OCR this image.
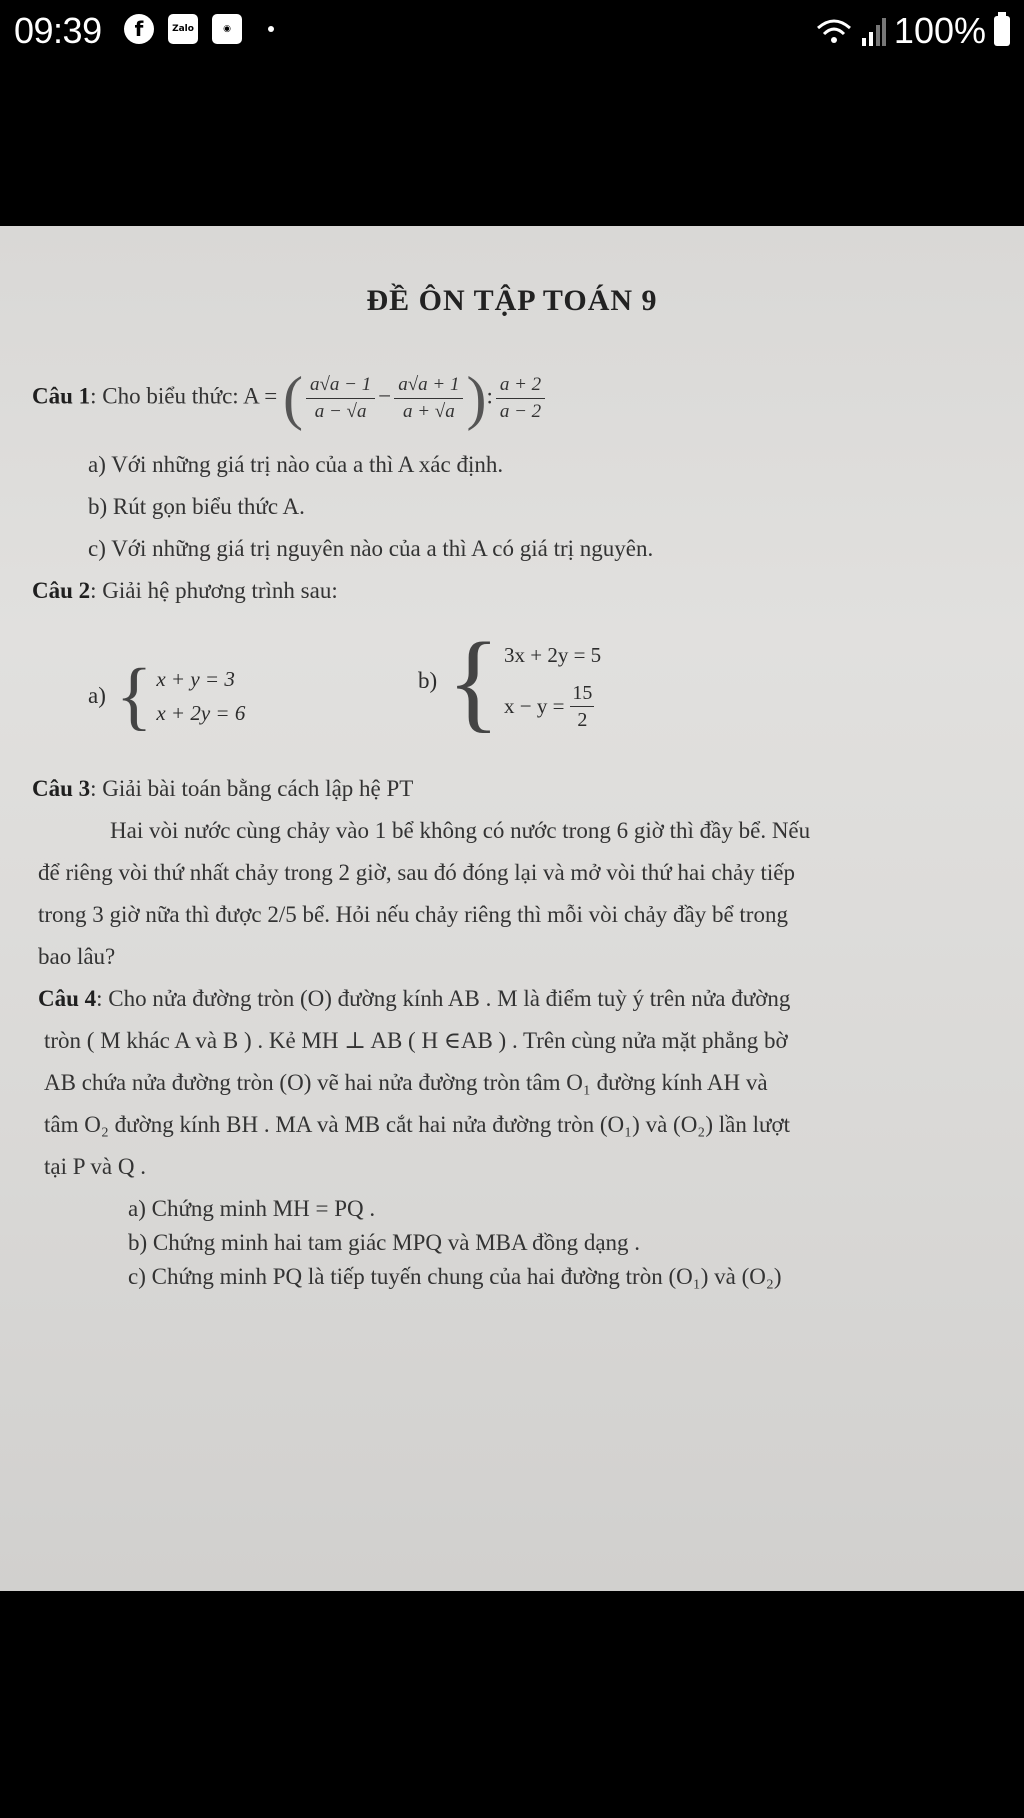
09:39	f	Zalo	◉	100%
ĐỀ ÔN TẬP TOÁN 9
Câu 1: Cho biểu thức: A = ( $\frac{a√a - 1}{a - √a} - \frac{a√a + 1}{a + √a}$ ): $\frac{a + 2}{a - 2}$
a) Với những giá trị nào của a thì A xác định.
b) Rút gọn biểu thức A.
c) Với những giá trị nguyên nào của a thì A có giá trị nguyên.
Câu 2: Giải hệ phương trình sau:
a) { x + y = 3
x + 2y = 6
b) { 3x + 2y = 5
$x - y = \frac{15}{2}$
Câu 3: Giải bài toán bằng cách lập hệ PT
Hai vòi nước cùng chảy vào 1 bể không có nước trong 6 giờ thì đầy bể. Nếu
để riêng vòi thứ nhất chảy trong 2 giờ, sau đó đóng lại và mở vòi thứ hai chảy tiếp
trong 3 giờ nữa thì được 2/5 bể. Hỏi nếu chảy riêng thì mỗi vòi chảy đầy bể trong
bao lâu?
Câu 4: Cho nửa đường tròn (O) đường kính AB . M là điểm tuỳ ý trên nửa đường
tròn ( M khác A và B ) . Kẻ MH ⊥ AB ( H ∈AB ) . Trên cùng nửa mặt phẳng bờ
AB chứa nửa đường tròn (O) vẽ hai nửa đường tròn tâm O₁ đường kính AH và
tâm O₂ đường kính BH . MA và MB cắt hai nửa đường tròn (O₁) và (O₂) lần lượt
tại P và Q .
a) Chứng minh MH = PQ .
b) Chứng minh hai tam giác MPQ và MBA đồng dạng .
c) Chứng minh PQ là tiếp tuyến chung của hai đường tròn (O₁) và (O₂)
